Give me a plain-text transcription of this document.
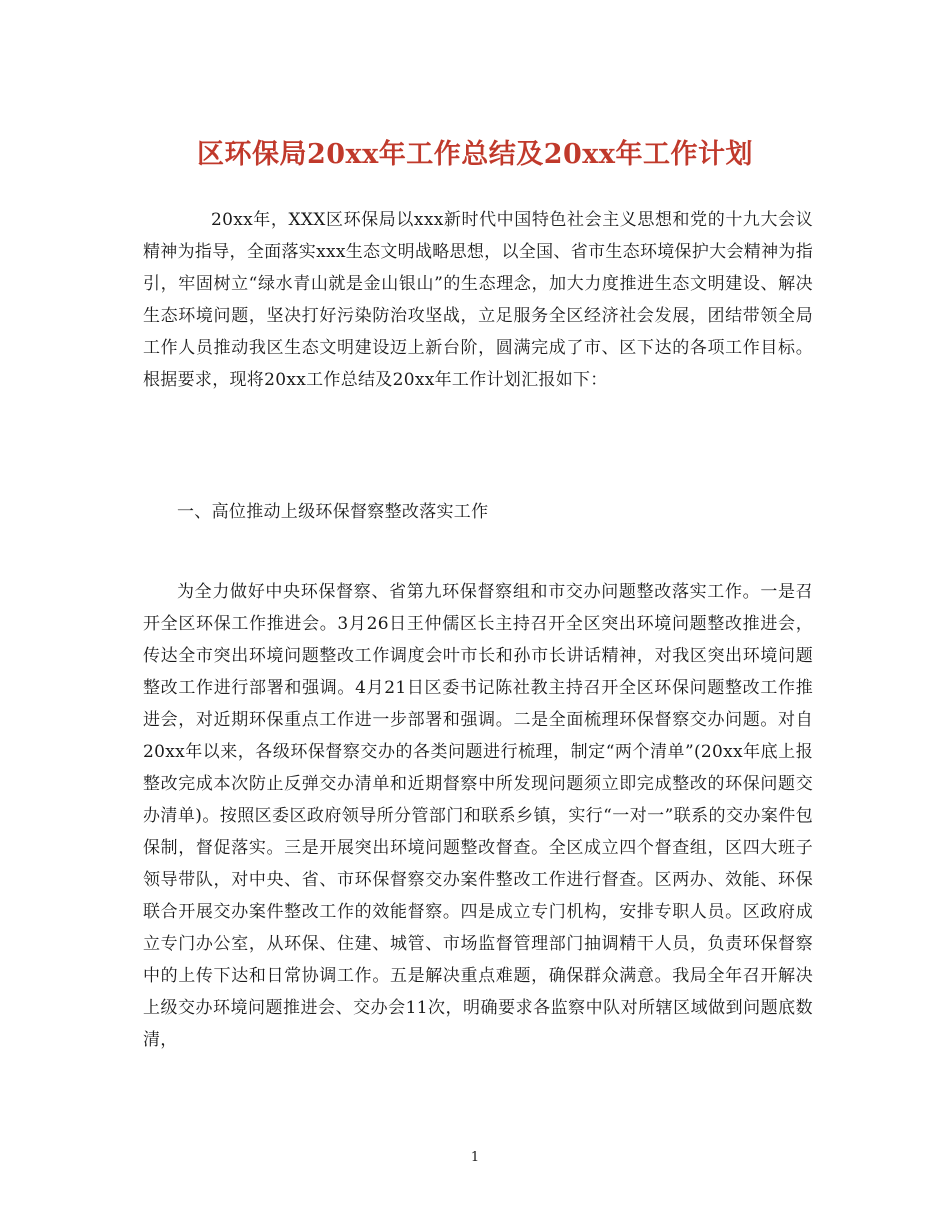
区环保局20xx年工作总结及20xx年工作计划

20xx年，XXX区环保局以xxx新时代中国特色社会主义思想和党的十九大会议精神为指导，全面落实xxx生态文明战略思想，以全国、省市生态环境保护大会精神为指引，牢固树立“绿水青山就是金山银山”的生态理念，加大力度推进生态文明建设、解决生态环境问题，坚决打好污染防治攻坚战，立足服务全区经济社会发展，团结带领全局工作人员推动我区生态文明建设迈上新台阶，圆满完成了市、区下达的各项工作目标。根据要求，现将20xx工作总结及20xx年工作计划汇报如下：

一、高位推动上级环保督察整改落实工作

为全力做好中央环保督察、省第九环保督察组和市交办问题整改落实工作。一是召开全区环保工作推进会。3月26日王仲儒区长主持召开全区突出环境问题整改推进会，传达全市突出环境问题整改工作调度会叶市长和孙市长讲话精神，对我区突出环境问题整改工作进行部署和强调。4月21日区委书记陈社教主持召开全区环保问题整改工作推进会，对近期环保重点工作进一步部署和强调。二是全面梳理环保督察交办问题。对自20xx年以来，各级环保督察交办的各类问题进行梳理，制定“两个清单”(20xx年底上报整改完成本次防止反弹交办清单和近期督察中所发现问题须立即完成整改的环保问题交办清单)。按照区委区政府领导所分管部门和联系乡镇，实行“一对一”联系的交办案件包保制，督促落实。三是开展突出环境问题整改督查。全区成立四个督查组，区四大班子领导带队，对中央、省、市环保督察交办案件整改工作进行督查。区两办、效能、环保联合开展交办案件整改工作的效能督察。四是成立专门机构，安排专职人员。区政府成立专门办公室，从环保、住建、城管、市场监督管理部门抽调精干人员，负责环保督察中的上传下达和日常协调工作。五是解决重点难题，确保群众满意。我局全年召开解决上级交办环境问题推进会、交办会11次，明确要求各监察中队对所辖区域做到问题底数清，

1
